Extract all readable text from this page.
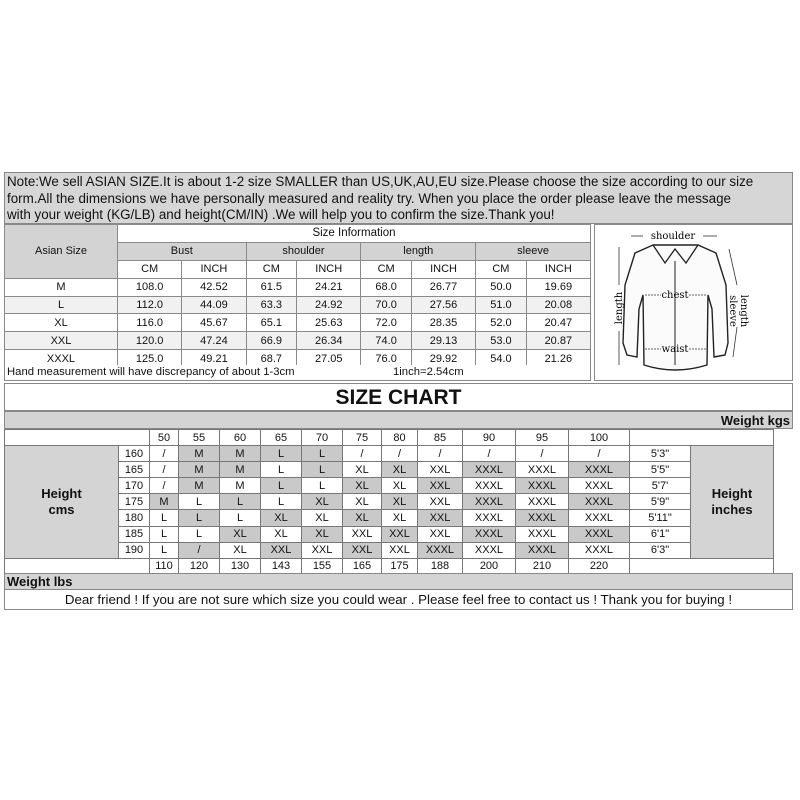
Note:We sell ASIAN SIZE.It is about 1-2 size SMALLER than US,UK,AU,EU size.Please choose the size according to our size
form.All the dimensions we have personally measured and reality try. When you place the order please leave the message
with your weight (KG/LB) and height(CM/IN) .We will help you to confirm the size.Thank you!
Asian Size	Size Information							
	Bust		shoulder		length		sleeve	
	CM	INCH	CM	INCH	CM	INCH	CM	INCH
M	108.0	42.52	61.5	24.21	68.0	26.77	50.0	19.69
L	112.0	44.09	63.3	24.92	70.0	27.56	51.0	20.08
XL	116.0	45.67	65.1	25.63	72.0	28.35	52.0	20.47
XXL	120.0	47.24	66.9	26.34	74.0	29.13	53.0	20.87
XXXL	125.0	49.21	68.7	27.05	76.0	29.92	54.0	21.26
Hand measurement will have discrepancy of about 1-3cm	1inch=2.54cm
shoulder
chest
waist
length	sleeve length
SIZE CHART
Weight kgs
		50	55	60	65	70	75	80	85	90	95	100		
Height
cms	160	/	M	M	L	L	/	/	/	/	/	/	5'3"	Height
inches
	165	/	M	M	L	L	XL	XL	XXL	XXXL	XXXL	XXXL	5'5"	
	170	/	M	M	L	L	XL	XL	XXL	XXXL	XXXL	XXXL	5'7'	
	175	M	L	L	L	XL	XL	XL	XXL	XXXL	XXXL	XXXL	5'9"	
	180	L	L	L	XL	XL	XL	XL	XXL	XXXL	XXXL	XXXL	5'11"	
	185	L	L	XL	XL	XL	XXL	XXL	XXL	XXXL	XXXL	XXXL	6'1"	
	190	L	/	XL	XXL	XXL	XXL	XXL	XXXL	XXXL	XXXL	XXXL	6'3"	
		110	120	130	143	155	165	175	188	200	210	220		
Weight lbs
Dear friend ! If you are not sure which size you could wear . Please feel free to contact us ! Thank you for buying !
